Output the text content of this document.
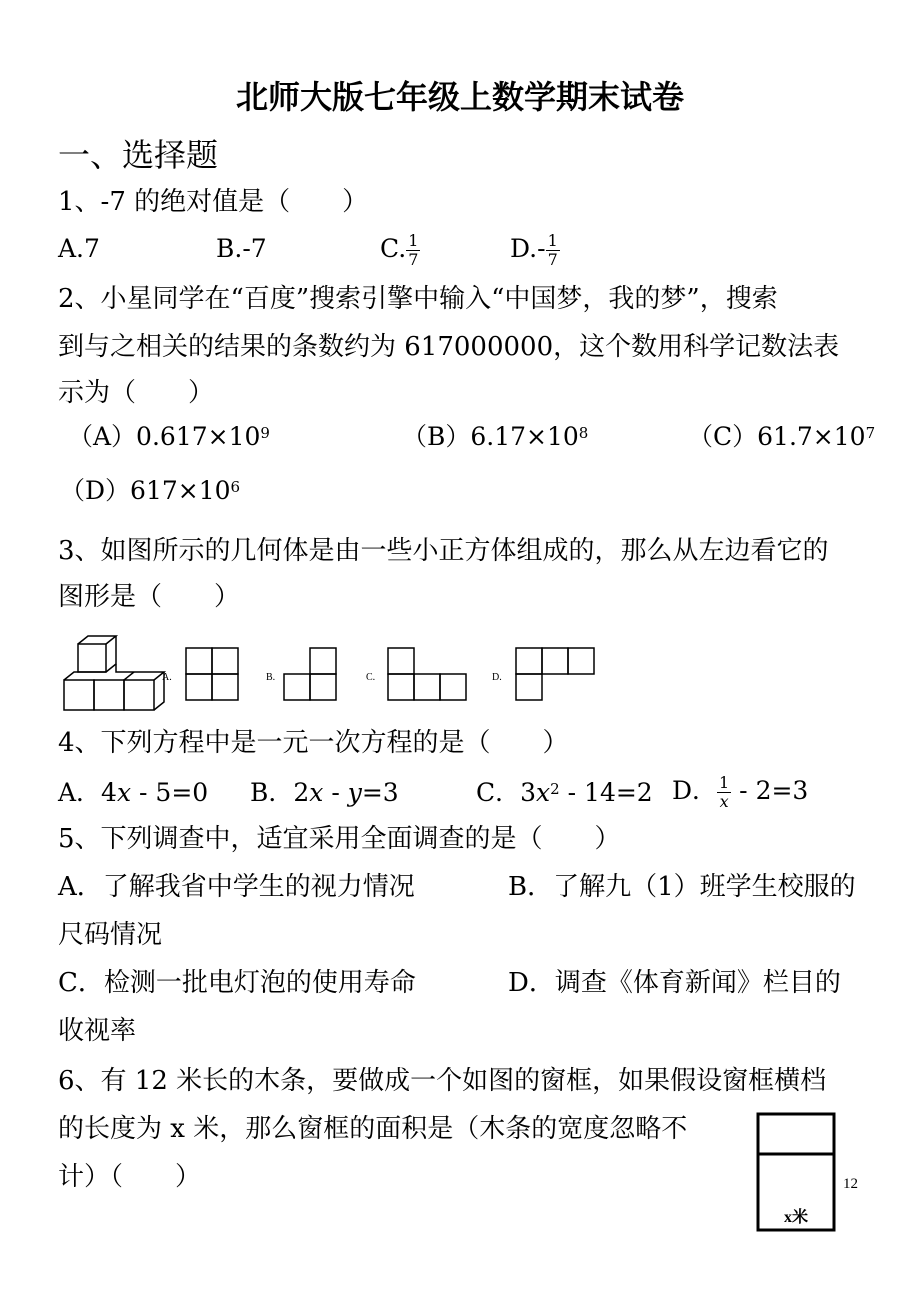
北师大版七年级上数学期末试卷
一、选择题
1、-7 的绝对值是（　　）
A.7	B.-7	C. $\frac{1}{7}$	$D.- \frac{1}{7}$
2、小星同学在“百度”搜索引擎中输入“中国梦，我的梦”，搜索
到与之相关的结果的条数约为 617000000，这个数用科学记数法表
示为（　　）
$(A)0.617\times 10^9$	$(B)6.17\times 10^8$	$(C)61.7\times 10^7$
$(D)617\times 10^6$
3、如图所示的几何体是由一些小正方体组成的，那么从左边看它的
图形是（　　）
A.	B.	C.	D.
4、下列方程中是一元一次方程的是（　　）
A．4x - 5=0 B．2x - y=3	C．$3x^2 - 14=2$ D． $\frac{1}{x} - 2=3$
5、下列调查中，适宜采用全面调查的是（　　）
A．了解我省中学生的视力情况	B．了解九（1）班学生校服的
尺码情况
C．检测一批电灯泡的使用寿命	D．调查《体育新闻》栏目的
收视率
6、有 12 米长的木条，要做成一个如图的窗框，如果假设窗框横档
的长度为 x 米，那么窗框的面积是（木条的宽度忽略不
计）（　　）
x米
12
